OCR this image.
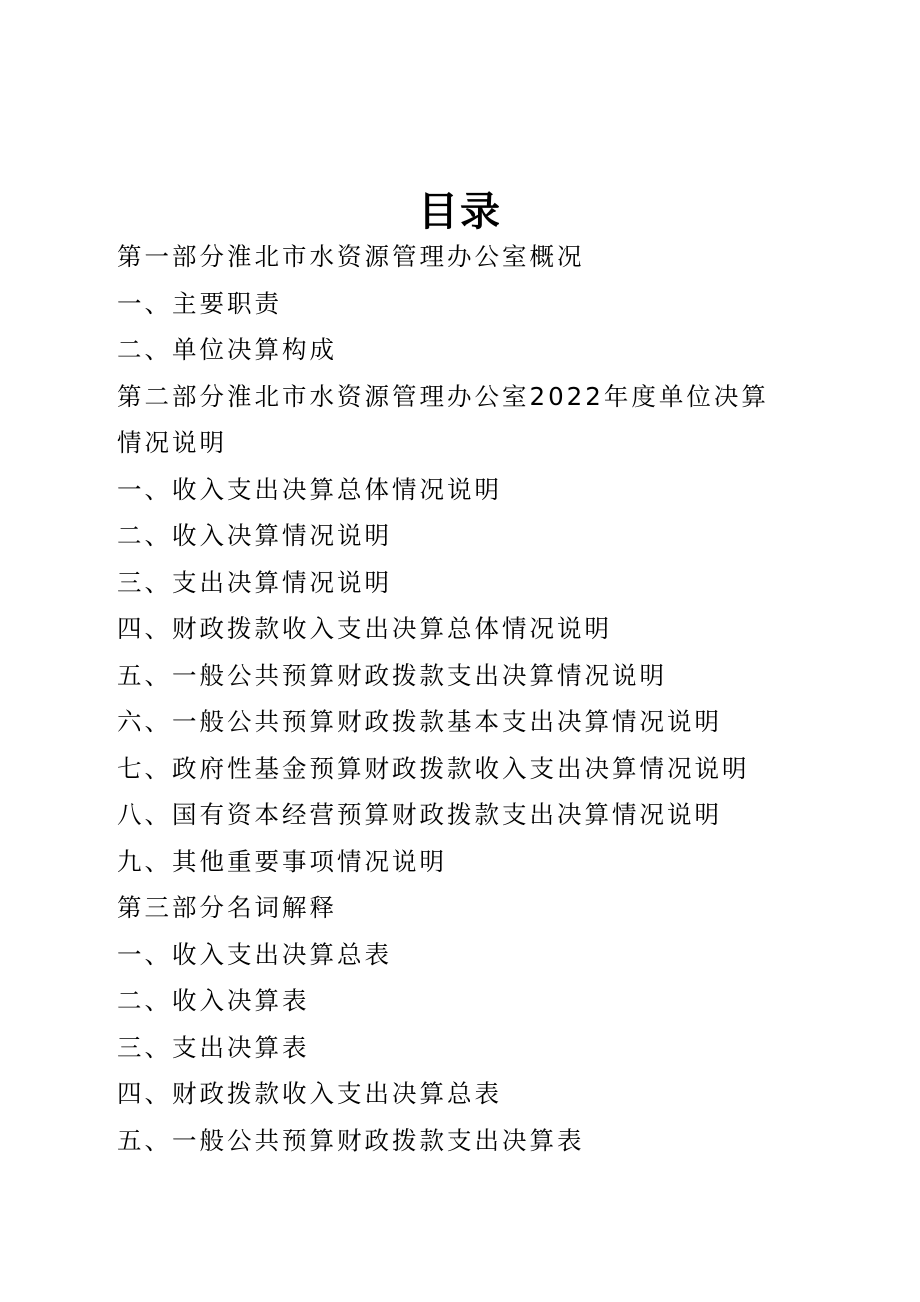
目录
第一部分淮北市水资源管理办公室概况
一、主要职责
二、单位决算构成
第二部分淮北市水资源管理办公室2022年度单位决算
情况说明
一、收入支出决算总体情况说明
二、收入决算情况说明
三、支出决算情况说明
四、财政拨款收入支出决算总体情况说明
五、一般公共预算财政拨款支出决算情况说明
六、一般公共预算财政拨款基本支出决算情况说明
七、政府性基金预算财政拨款收入支出决算情况说明
八、国有资本经营预算财政拨款支出决算情况说明
九、其他重要事项情况说明
第三部分名词解释
一、收入支出决算总表
二、收入决算表
三、支出决算表
四、财政拨款收入支出决算总表
五、一般公共预算财政拨款支出决算表
